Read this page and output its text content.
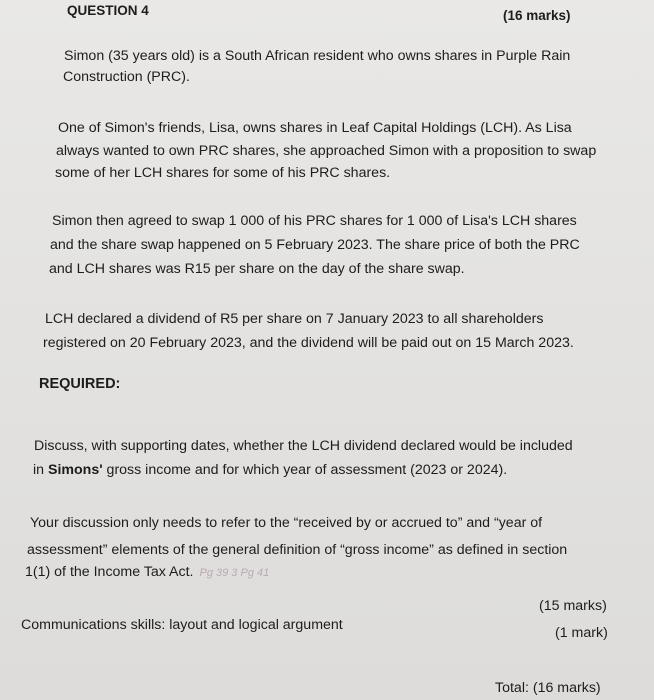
QUESTION 4	(16 marks)
Simon (35 years old) is a South African resident who owns shares in Purple Rain
Construction (PRC).
One of Simon's friends, Lisa, owns shares in Leaf Capital Holdings (LCH). As Lisa
always wanted to own PRC shares, she approached Simon with a proposition to swap
some of her LCH shares for some of his PRC shares.
Simon then agreed to swap 1 000 of his PRC shares for 1 000 of Lisa's LCH shares
and the share swap happened on 5 February 2023. The share price of both the PRC
and LCH shares was R15 per share on the day of the share swap.
LCH declared a dividend of R5 per share on 7 January 2023 to all shareholders
registered on 20 February 2023, and the dividend will be paid out on 15 March 2023.
REQUIRED:
Discuss, with supporting dates, whether the LCH dividend declared would be included
in Simons' gross income and for which year of assessment (2023 or 2024).
Your discussion only needs to refer to the “received by or accrued to” and “year of
assessment” elements of the general definition of “gross income” as defined in section
1(1) of the Income Tax Act. Pg 39 3 Pg 41
(15 marks)
Communications skills: layout and logical argument	(1 mark)
Total: (16 marks)
